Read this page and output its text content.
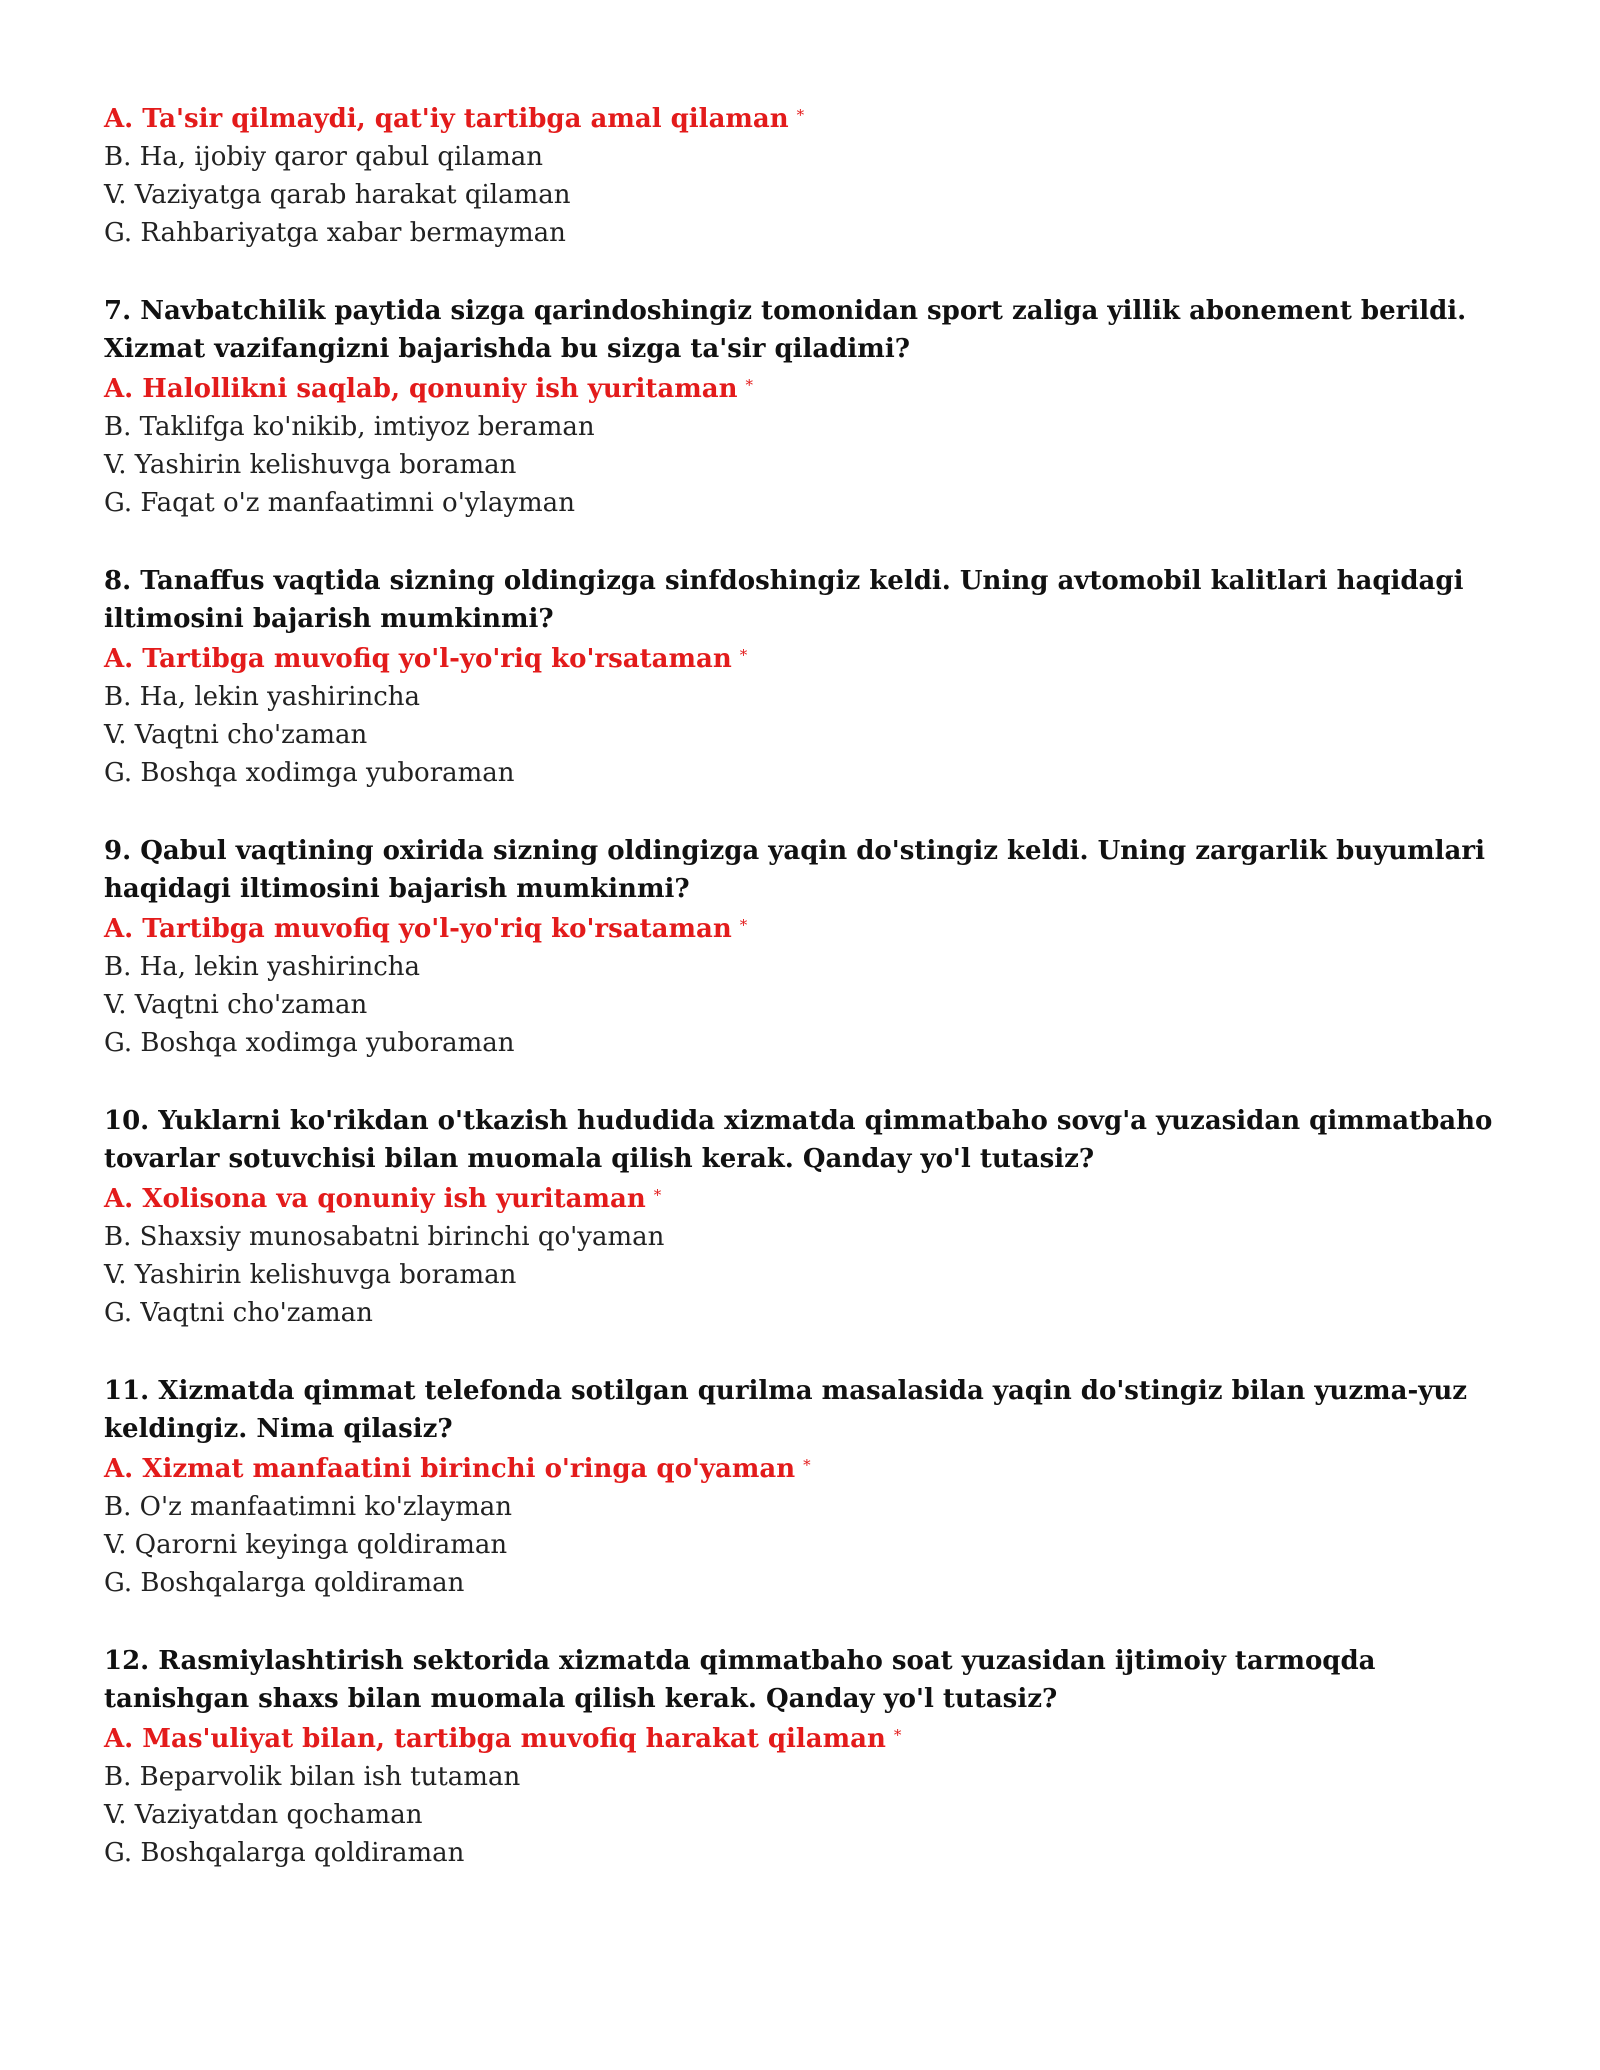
A. Ta'sir qilmaydi, qat'iy tartibga amal qilaman *

B. Ha, ijobiy qaror qabul qilaman

V. Vaziyatga qarab harakat qilaman

G. Rahbariyatga xabar bermayman

7. Navbatchilik paytida sizga qarindoshingiz tomonidan sport zaliga yillik abonement berildi. Xizmat vazifangizni bajarishda bu sizga ta'sir qiladimi?

A. Halollikni saqlab, qonuniy ish yuritaman *

B. Taklifga ko'nikib, imtiyoz beraman

V. Yashirin kelishuvga boraman

G. Faqat o'z manfaatimni o'ylayman

8. Tanaffus vaqtida sizning oldingizga sinfdoshingiz keldi. Uning avtomobil kalitlari haqidagi iltimosini bajarish mumkinmi?

A. Tartibga muvofiq yo'l-yo'riq ko'rsataman *

B. Ha, lekin yashirincha

V. Vaqtni cho'zaman

G. Boshqa xodimga yuboraman

9. Qabul vaqtining oxirida sizning oldingizga yaqin do'stingiz keldi. Uning zargarlik buyumlari haqidagi iltimosini bajarish mumkinmi?

A. Tartibga muvofiq yo'l-yo'riq ko'rsataman *

B. Ha, lekin yashirincha

V. Vaqtni cho'zaman

G. Boshqa xodimga yuboraman

10. Yuklarni ko'rikdan o'tkazish hududida xizmatda qimmatbaho sovg'a yuzasidan qimmatbaho tovarlar sotuvchisi bilan muomala qilish kerak. Qanday yo'l tutasiz?

A. Xolisona va qonuniy ish yuritaman *

B. Shaxsiy munosabatni birinchi qo'yaman

V. Yashirin kelishuvga boraman

G. Vaqtni cho'zaman

11. Xizmatda qimmat telefonda sotilgan qurilma masalasida yaqin do'stingiz bilan yuzma-yuz keldingiz. Nima qilasiz?

A. Xizmat manfaatini birinchi o'ringa qo'yaman *

B. O'z manfaatimni ko'zlayman

V. Qarorni keyinga qoldiraman

G. Boshqalarga qoldiraman

12. Rasmiylashtirish sektorida xizmatda qimmatbaho soat yuzasidan ijtimoiy tarmoqda tanishgan shaxs bilan muomala qilish kerak. Qanday yo'l tutasiz?

A. Mas'uliyat bilan, tartibga muvofiq harakat qilaman *

B. Beparvolik bilan ish tutaman

V. Vaziyatdan qochaman

G. Boshqalarga qoldiraman
